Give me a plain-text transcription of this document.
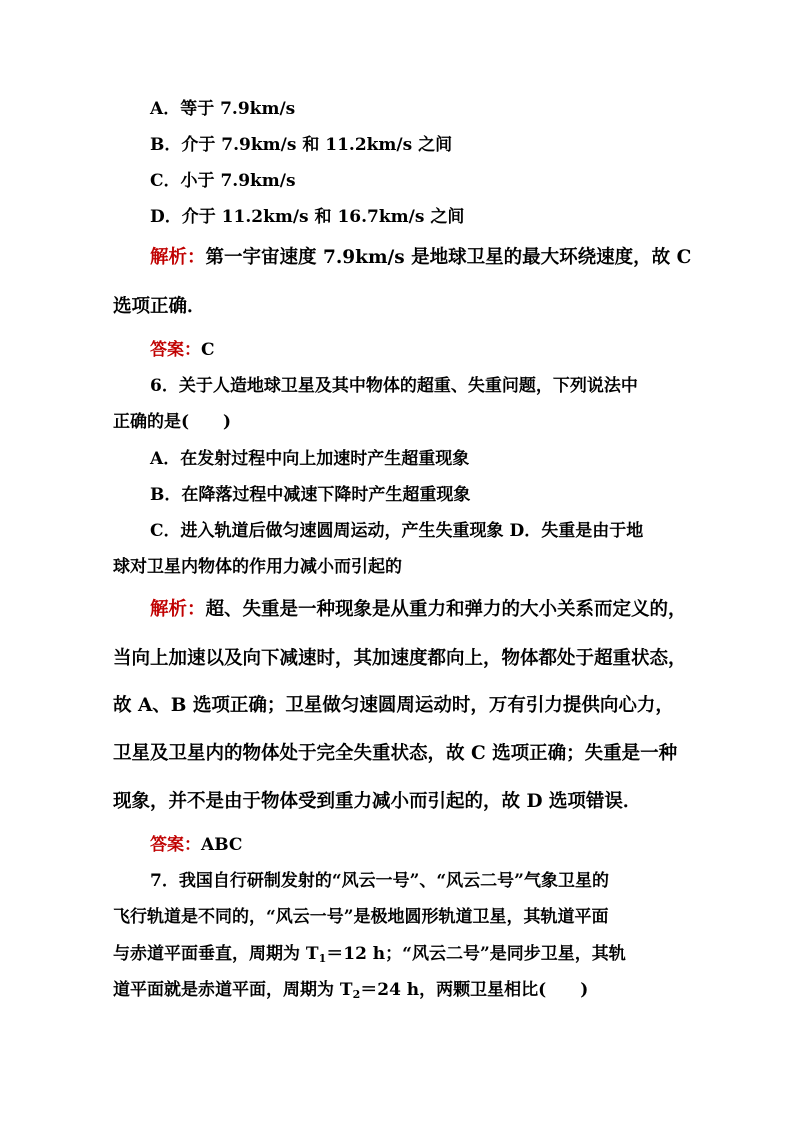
A．等于 7.9km/s
B．介于 7.9km/s 和 11.2km/s 之间
C．小于 7.9km/s
D．介于 11.2km/s 和 16.7km/s 之间
解析：第一宇宙速度 7.9km/s 是地球卫星的最大环绕速度，故 C
选项正确．
答案：C
6．关于人造地球卫星及其中物体的超重、失重问题，下列说法中
正确的是(　　)
A．在发射过程中向上加速时产生超重现象
B．在降落过程中减速下降时产生超重现象
C．进入轨道后做匀速圆周运动，产生失重现象 D．失重是由于地
球对卫星内物体的作用力减小而引起的
解析：超、失重是一种现象是从重力和弹力的大小关系而定义的，
当向上加速以及向下减速时，其加速度都向上，物体都处于超重状态，
故 A、B 选项正确；卫星做匀速圆周运动时，万有引力提供向心力，
卫星及卫星内的物体处于完全失重状态，故 C 选项正确；失重是一种
现象，并不是由于物体受到重力减小而引起的，故 D 选项错误．
答案：ABC
7．我国自行研制发射的“风云一号”、“风云二号”气象卫星的
飞行轨道是不同的，“风云一号”是极地圆形轨道卫星，其轨道平面
与赤道平面垂直，周期为 $T_1=12$ h；“风云二号”是同步卫星，其轨
道平面就是赤道平面，周期为 $T_2=24$ h，两颗卫星相比(　　)
